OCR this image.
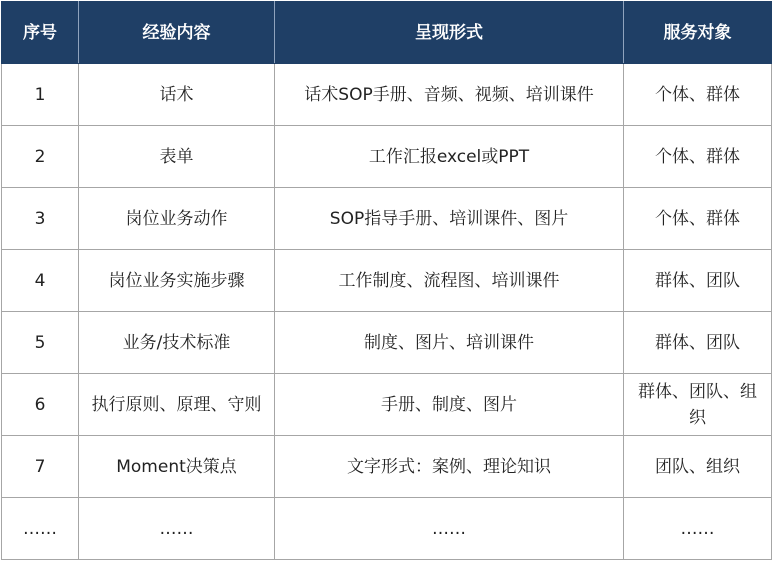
序号	经验内容	呈现形式	服务对象
1	话术	话术SOP手册、音频、视频、培训课件	个体、群体
2	表单	工作汇报excel或PPT	个体、群体
3	岗位业务动作	SOP指导手册、培训课件、图片	个体、群体
4	岗位业务实施步骤	工作制度、流程图、培训课件	群体、团队
5	业务/技术标准	制度、图片、培训课件	群体、团队
6	执行原则、原理、守则	手册、制度、图片	群体、团队、组织
7	Moment决策点	文字形式：案例、理论知识	团队、组织
……	……	……	……
